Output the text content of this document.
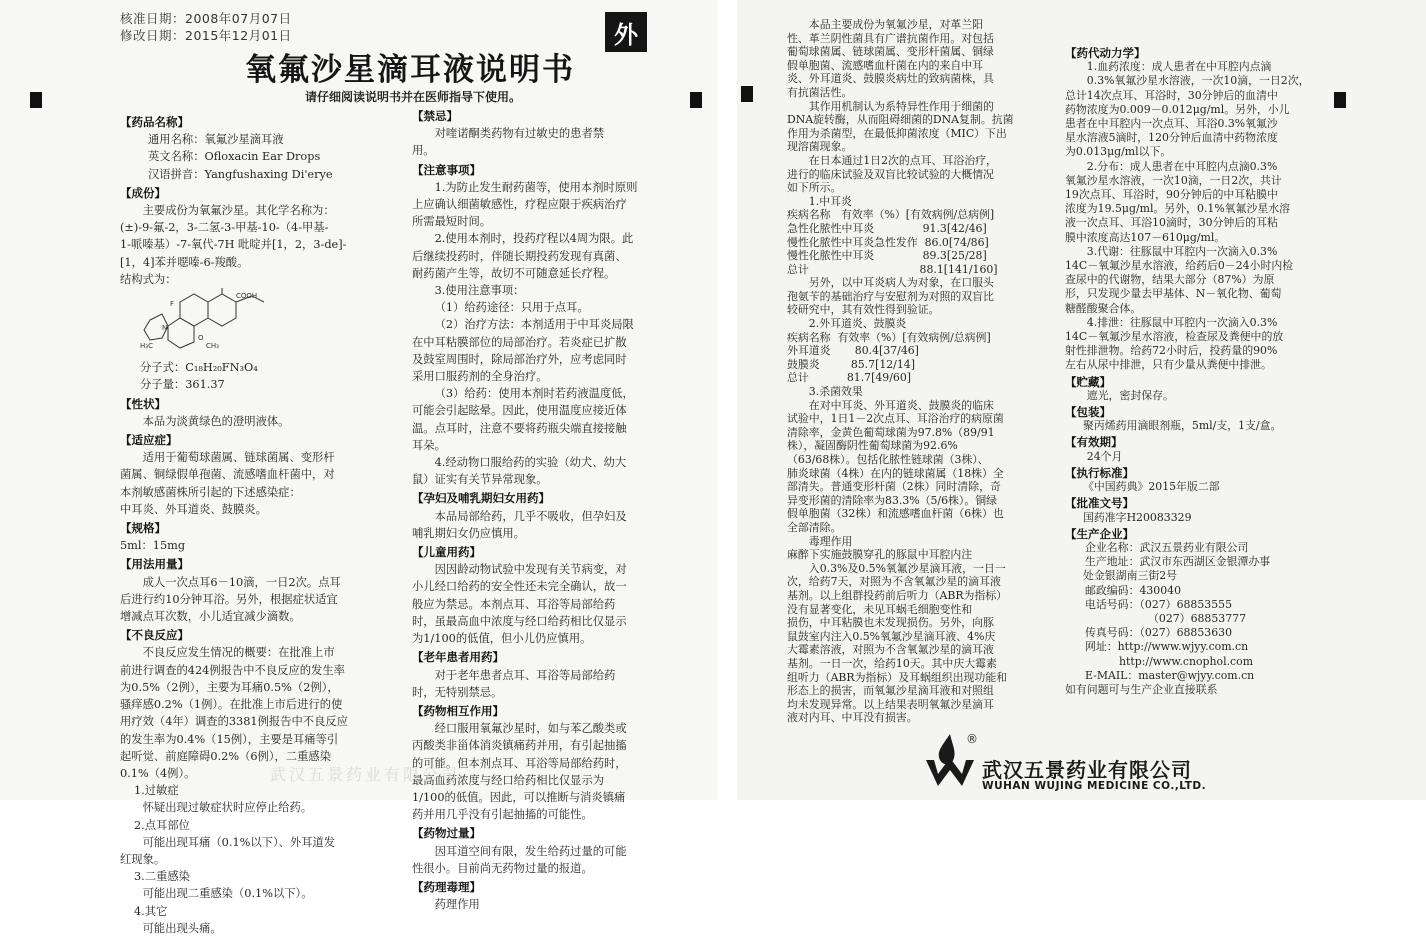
核准日期：2008年07月07日
修改日期：2015年12月01日	外
氧氟沙星滴耳液说明书
请仔细阅读说明书并在医师指导下使用。

【药品名称】

通用名称：氧氟沙星滴耳液

英文名称：Ofloxacin Ear Drops

汉语拼音：Yangfushaxing Di'erye

【成份】

主要成份为氧氟沙星。其化学名称为：

(±)-9-氟-2，3-二氢-3-甲基-10-（4-甲基-

1-哌嗪基）-7-氧代-7H 吡啶并[1，2，3-de]-

[1，4]苯并噁嗪-6-羧酸。

结构式为：

F
COOH
O
CH₃
H₃C
N

分子式：C₁₈H₂₀FN₃O₄

分子量：361.37

【性状】

本品为淡黄绿色的澄明液体。

【适应症】

适用于葡萄球菌属、链球菌属、变形杆

菌属、铜绿假单孢菌、流感嗜血杆菌中，对

本剂敏感菌株所引起的下述感染症：

中耳炎、外耳道炎、鼓膜炎。

【规格】

5ml：15mg

【用法用量】

成人一次点耳6－10滴，一日2次。点耳

后进行约10分钟耳浴。另外，根据症状适宜

增减点耳次数，小儿适宜减少滴数。

【不良反应】

不良反应发生情况的概要：在批准上市

前进行调查的424例报告中不良反应的发生率

为0.5%（2例），主要为耳痛0.5%（2例），

骚痒感0.2%（1例）。在批准上市后进行的使

用疗效（4年）调查的3381例报告中不良反应

的发生率为0.4%（15例），主要是耳痛等引

起听觉、前庭障碍0.2%（6例），二重感染

0.1%（4例）。

1.过敏症

怀疑出现过敏症状时应停止给药。

2.点耳部位

可能出现耳痛（0.1%以下）、外耳道发

红现象。

3.二重感染

可能出现二重感染（0.1%以下）。

4.其它

可能出现头痛。

【禁忌】

对喹诺酮类药物有过敏史的患者禁

用。

【注意事项】

1.为防止发生耐药菌等，使用本剂时原则

上应确认细菌敏感性，疗程应限于疾病治疗

所需最短时间。

2.使用本剂时，投药疗程以4周为限。此

后继续投药时，伴随长期投药发现有真菌、

耐药菌产生等，故切不可随意延长疗程。

3.使用注意事项：

（1）给药途径：只用于点耳。

（2）治疗方法：本剂适用于中耳炎局限

在中耳粘膜部位的局部治疗。若炎症已扩散

及鼓室周围时，除局部治疗外，应考虑同时

采用口服药剂的全身治疗。

（3）给药：使用本剂时若药液温度低，

可能会引起眩晕。因此，使用温度应接近体

温。点耳时，注意不要将药瓶尖端直接接触

耳朵。

4.经动物口服给药的实验（幼犬、幼大

鼠）证实有关节异常现象。

【孕妇及哺乳期妇女用药】

本品局部给药，几乎不吸收，但孕妇及

哺乳期妇女仍应慎用。

【儿童用药】

因因龄动物试验中发现有关节病变，对

小儿经口给药的安全性还未完全确认，故一

般应为禁忌。本剂点耳、耳浴等局部给药

时，虽最高血中浓度与经口给药相比仅显示

为1/100的低值，但小儿仍应慎用。

【老年患者用药】

对于老年患者点耳、耳浴等局部给药

时，无特别禁忌。

【药物相互作用】

经口服用氧氟沙星时，如与苯乙酸类或

丙酸类非甾体消炎镇痛药并用，有引起抽搐

的可能。但本剂点耳、耳浴等局部给药时，

最高血药浓度与经口给药相比仅显示为

1/100的低值。因此，可以推断与消炎镇痛

药并用几乎没有引起抽搐的可能性。

【药物过量】

因耳道空间有限，发生给药过量的可能

性很小。目前尚无药物过量的报道。

【药理毒理】

药理作用

武汉五景药业有限公司

本品主要成份为氧氟沙星，对革兰阳

性、革兰阴性菌具有广谱抗菌作用。对包括

葡萄球菌属、链球菌属、变形杆菌属、铜绿

假单胞菌、流感嗜血杆菌在内的来自中耳

炎、外耳道炎、鼓膜炎病灶的致病菌株，具

有抗菌活性。

其作用机制认为系特异性作用于细菌的

DNA旋转酶，从而阻碍细菌的DNA复制。抗菌

作用为杀菌型，在最低抑菌浓度（MIC）下出

现溶菌现象。

在日本通过1日2次的点耳、耳浴治疗，

进行的临床试验及双盲比较试验的大概情况

如下所示。

1.中耳炎

疾病名称   有效率（%）[有效病例/总病例]

急性化脓性中耳炎              91.3[42/46]

慢性化脓性中耳炎急性发作  86.0[74/86]

慢性化脓性中耳炎              89.3[25/28]

总计                                88.1[141/160]

另外，以中耳炎病人为对象，在口服头

孢氨苄的基础治疗与安慰剂为对照的双盲比

较研究中，其有效性得到验证。

2.外耳道炎、鼓膜炎

疾病名称  有效率（%）[有效病例/总病例]

外耳道炎       80.4[37/46]

鼓膜炎         85.7[12/14]

总计           81.7[49/60]

3.杀菌效果

在对中耳炎、外耳道炎、鼓膜炎的临床

试验中，1日1－2次点耳、耳浴治疗的病原菌

清除率，金黄色葡萄球菌为97.8%（89/91

株），凝固酶阴性葡萄球菌为92.6%

（63/68株）。包括化脓性链球菌（3株）、

肺炎球菌（4株）在内的链球菌属（18株）全

部清失。普通变形杆菌（2株）同时清除，奇

异变形菌的清除率为83.3%（5/6株）。铜绿

假单胞菌（32株）和流感嗜血杆菌（6株）也

全部清除。

毒理作用

麻醉下实施鼓膜穿孔的豚鼠中耳腔内注

入0.3%及0.5%氧氟沙星滴耳液，一日一

次，给药7天，对照为不含氧氟沙星的滴耳液

基剂。以上组群投药前后听力（ABR为指标）

没有显著变化，未见耳蜗毛细胞变性和

损伤，中耳粘膜也未发现损伤。另外，向豚

鼠鼓室内注入0.5%氧氟沙星滴耳液、4%庆

大霉素溶液，对照为不含氧氟沙星的滴耳液

基剂。一日一次，给药10天。其中庆大霉素

组听力（ABR为指标）及耳蜗组织出现功能和

形态上的损害，而氧氟沙星滴耳液和对照组

均未发现异常。以上结果表明氧氟沙星滴耳

液对内耳、中耳没有损害。

【药代动力学】

1.血药浓度：成人患者在中耳腔内点滴

0.3%氧氟沙星水溶液，一次10滴，一日2次，

总计14次点耳、耳浴时，30分钟后的血清中

药物浓度为0.009－0.012μg/ml。另外，小儿

患者在中耳腔内一次点耳、耳浴0.3%氧氟沙

星水溶液5滴时，120分钟后血清中药物浓度

为0.013μg/ml以下。

2.分布：成人患者在中耳腔内点滴0.3%

氧氟沙星水溶液，一次10滴，一日2次，共计

19次点耳、耳浴时，90分钟后的中耳粘膜中

浓度为19.5μg/ml。另外，0.1%氧氟沙星水溶

液一次点耳、耳浴10滴时，30分钟后的耳粘

膜中浓度高达107－610μg/ml。

3.代谢：往豚鼠中耳腔内一次滴入0.3%

14C－氧氟沙星水溶液，给药后0－24小时内检

查尿中的代谢物，结果大部分（87%）为原

形，只发现少量去甲基体、N－氧化物、葡萄

糖醛酸聚合体。

4.排泄：往豚鼠中耳腔内一次滴入0.3%

14C－氧氟沙星水溶液，检查尿及粪便中的放

射性排泄物。给药72小时后，投药量的90%

左右从尿中排泄，只有少量从粪便中排泄。

【贮藏】

遮光，密封保存。

【包装】

聚丙烯药用滴眼剂瓶，5ml/支，1支/盒。

【有效期】

24个月

【执行标准】

《中国药典》2015年版二部

【批准文号】

国药准字H20083329

【生产企业】

企业名称：武汉五景药业有限公司

生产地址：武汉市东西湖区金银潭办事

处金银湖南三街2号

邮政编码：430040

电话号码：（027）68853555

（027）68853777

传真号码：（027）68853630

网址：http://www.wjyy.com.cn

http://www.cnophol.com

E-MAIL：master@wjyy.com.cn

如有问题可与生产企业直接联系

®
武汉五景药业有限公司
WUHAN WUJING MEDICINE CO.,LTD.
